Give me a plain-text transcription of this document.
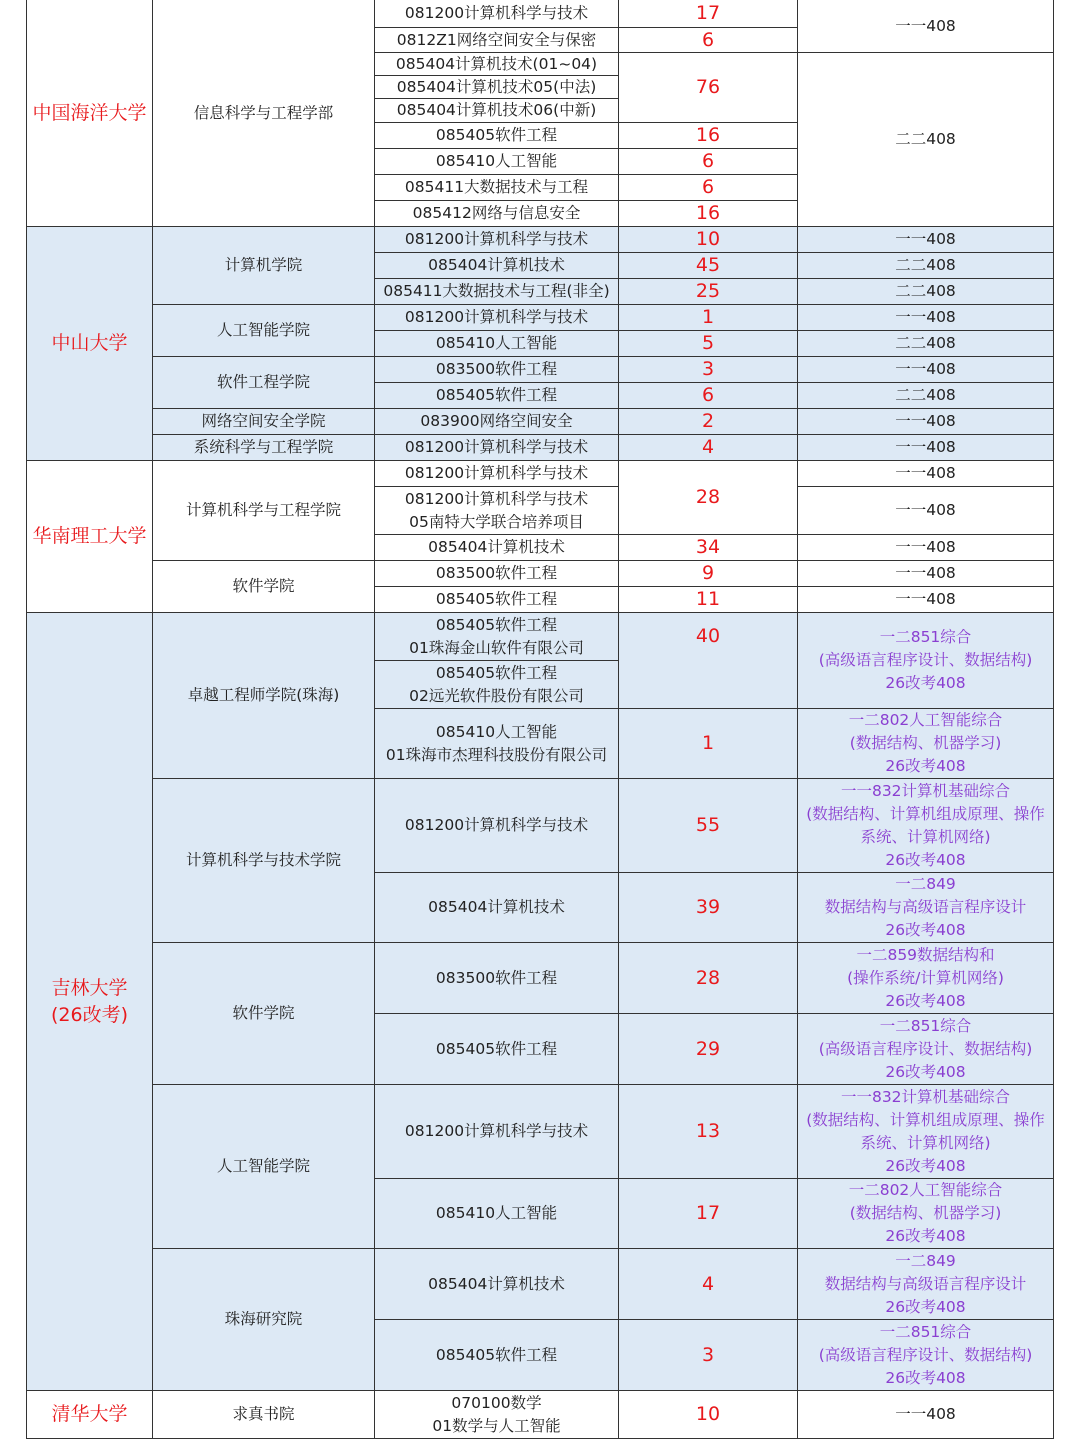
中国海洋大学
中山大学
华南理工大学
吉林大学
(26改考)
清华大学
信息科学与工程学部
计算机学院
人工智能学院
软件工程学院
网络空间安全学院
系统科学与工程学院
计算机科学与工程学院
软件学院
卓越工程师学院(珠海)
计算机科学与技术学院
软件学院
人工智能学院
珠海研究院
求真书院
081200计算机科学与技术
0812Z1网络空间安全与保密
085404计算机技术(01~04)
085404计算机技术05(中法)
085404计算机技术06(中新)
085405软件工程
085410人工智能
085411大数据技术与工程
085412网络与信息安全
081200计算机科学与技术
085404计算机技术
085411大数据技术与工程(非全)
081200计算机科学与技术
085410人工智能
083500软件工程
085405软件工程
083900网络空间安全
081200计算机科学与技术
081200计算机科学与技术
081200计算机科学与技术
05南特大学联合培养项目
085404计算机技术
083500软件工程
085405软件工程
085405软件工程
01珠海金山软件有限公司
085405软件工程
02远光软件股份有限公司
085410人工智能
01珠海市杰理科技股份有限公司
081200计算机科学与技术
085404计算机技术
083500软件工程
085405软件工程
081200计算机科学与技术
085410人工智能
085404计算机技术
085405软件工程
070100数学
01数学与人工智能
17
6
76
16
6
6
16
10
45
25
1
5
3
6
2
4
28
34
9
11
40
1
55
39
28
29
13
17
4
3
10
一一408
二二408
一一408
二二408
二二408
一一408
二二408
一一408
二二408
一一408
一一408
一一408
一一408
一一408
一一408
一一408
一二851综合
(高级语言程序设计、数据结构)
26改考408
一二802人工智能综合
(数据结构、机器学习)
26改考408
一一832计算机基础综合
(数据结构、计算机组成原理、操作
系统、计算机网络)
26改考408
一二849
数据结构与高级语言程序设计
26改考408
一二859数据结构和
(操作系统/计算机网络)
26改考408
一二851综合
(高级语言程序设计、数据结构)
26改考408
一一832计算机基础综合
(数据结构、计算机组成原理、操作
系统、计算机网络)
26改考408
一二802人工智能综合
(数据结构、机器学习)
26改考408
一二849
数据结构与高级语言程序设计
26改考408
一二851综合
(高级语言程序设计、数据结构)
26改考408
一一408
